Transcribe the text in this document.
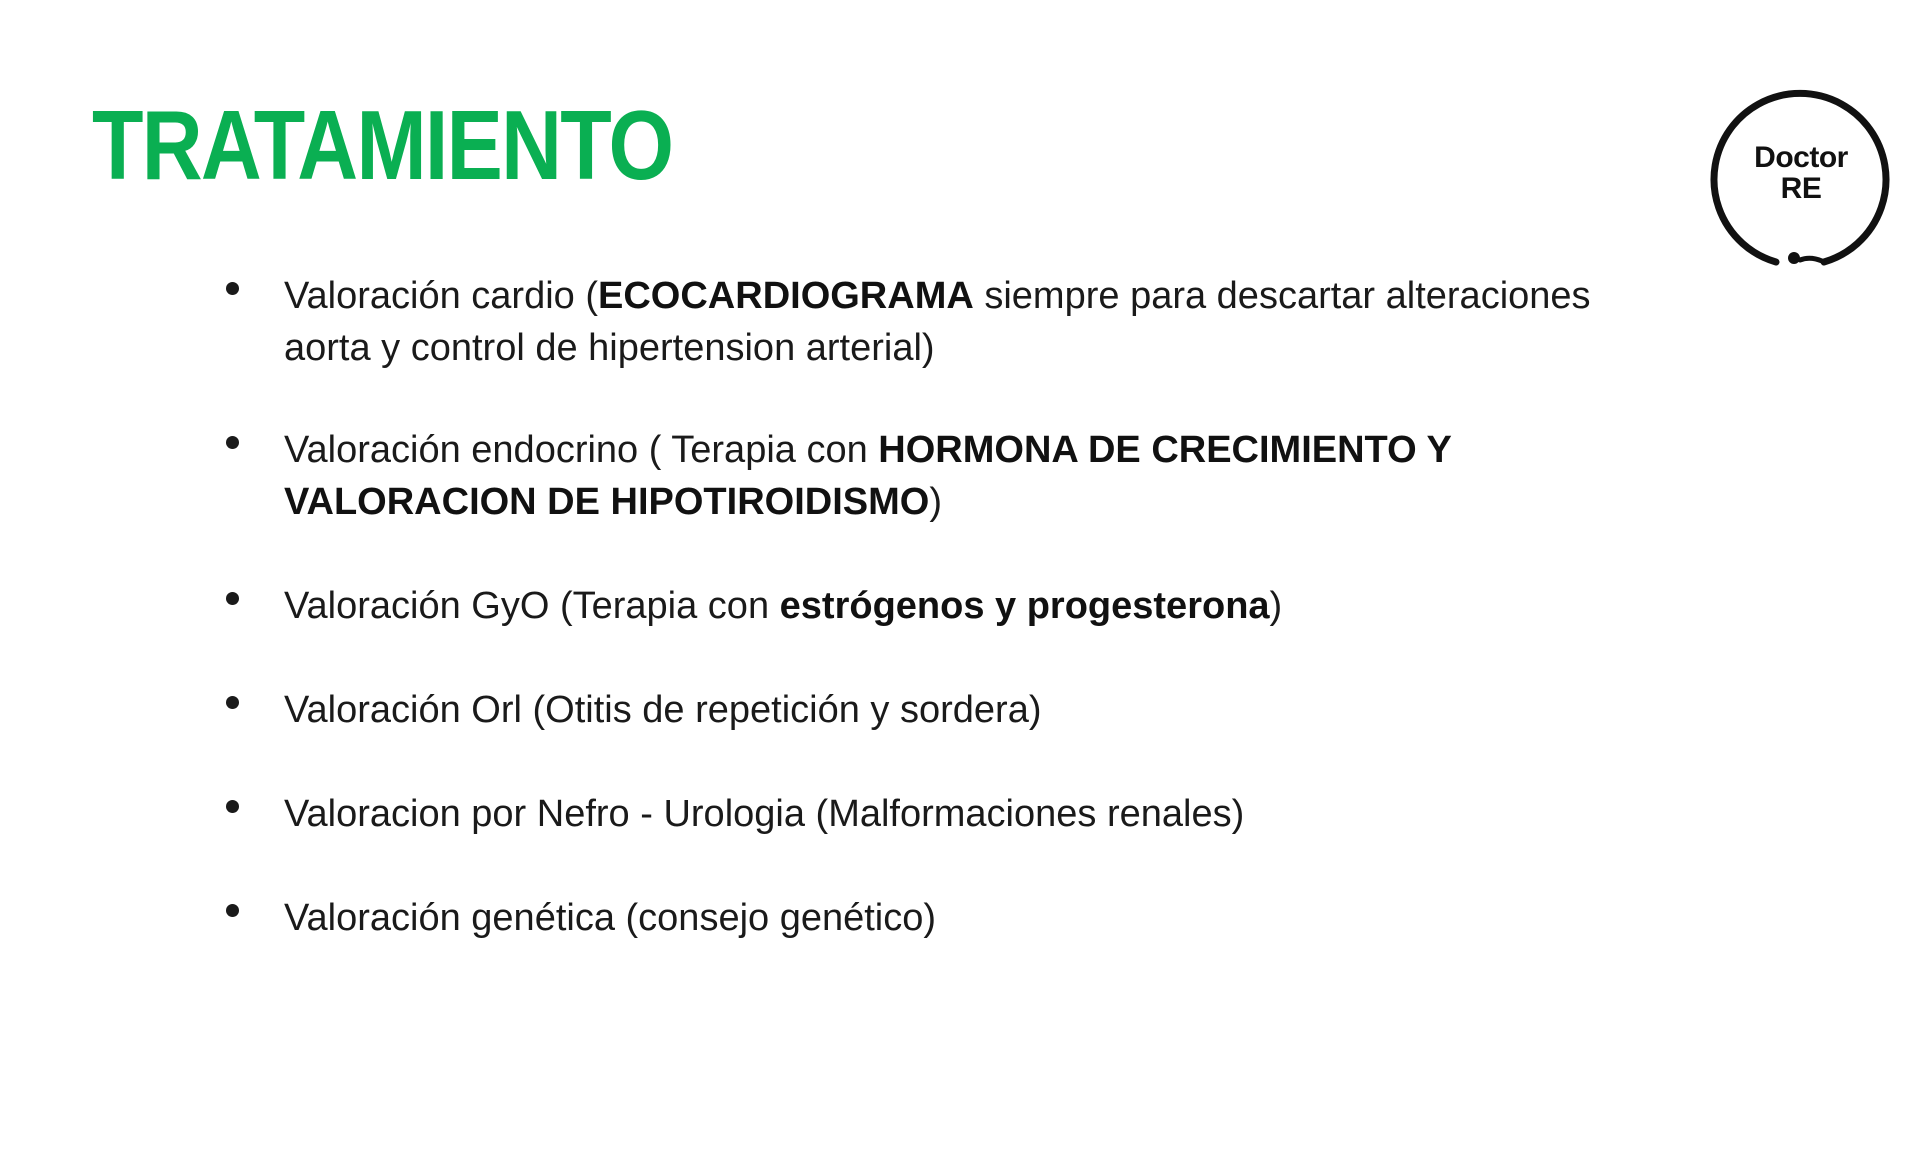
TRATAMIENTO	Doctor
RE
Valoración cardio (ECOCARDIOGRAMA siempre para descartar alteraciones aorta y control de hipertension arterial)
Valoración endocrino ( Terapia con HORMONA DE CRECIMIENTO Y VALORACION DE HIPOTIROIDISMO)
Valoración GyO (Terapia con estrógenos y progesterona)
Valoración Orl (Otitis de repetición y sordera)
Valoracion por Nefro - Urologia (Malformaciones renales)
Valoración genética (consejo genético)
